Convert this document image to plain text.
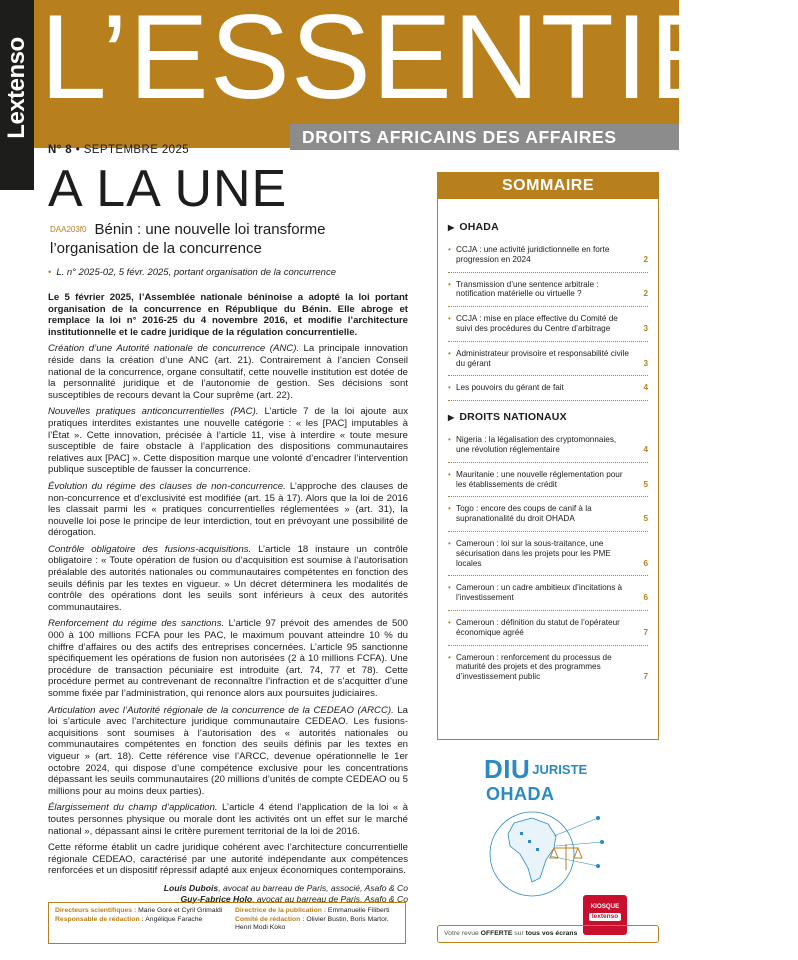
L’ESSENTIEL
DROITS AFRICAINS DES AFFAIRES
Lextenso
N° 8 • SEPTEMBRE 2025
A LA UNE
DAA203f0 Bénin : une nouvelle loi transforme l’organisation de la concurrence
• L. n° 2025-02, 5 févr. 2025, portant organisation de la concurrence
Le 5 février 2025, l’Assemblée nationale béninoise a adopté la loi portant organisation de la concurrence en République du Bénin. Elle abroge et remplace la loi n° 2016-25 du 4 novembre 2016, et modifie l’architecture institutionnelle et le cadre juridique de la régulation concurrentielle.
Création d’une Autorité nationale de concurrence (ANC). La principale innovation réside dans la création d’une ANC (art. 21). Contrairement à l’ancien Conseil national de la concurrence, organe consultatif, cette nouvelle institution est dotée de la personnalité juridique et de l’autonomie de gestion. Ses décisions sont susceptibles de recours devant la Cour suprême (art. 22).
Nouvelles pratiques anticoncurrentielles (PAC). L’article 7 de la loi ajoute aux pratiques interdites existantes une nouvelle catégorie : « les [PAC] imputables à l’État ». Cette innovation, précisée à l’article 11, vise à interdire « toute mesure susceptible de faire obstacle à l’application des dispositions communautaires relatives aux [PAC] ». Cette disposition marque une volonté d’encadrer l’intervention publique susceptible de fausser la concurrence.
Évolution du régime des clauses de non-concurrence. L’approche des clauses de non-concurrence et d’exclusivité est modifiée (art. 15 à 17). Alors que la loi de 2016 les classait parmi les « pratiques concurrentielles réglementées » (art. 31), la nouvelle loi pose le principe de leur interdiction, tout en prévoyant une possibilité de dérogation.
Contrôle obligatoire des fusions-acquisitions. L’article 18 instaure un contrôle obligatoire : « Toute opération de fusion ou d’acquisition est soumise à l’autorisation préalable des autorités nationales ou communautaires compétentes en fonction des seuils définis par les textes en vigueur. » Un décret déterminera les modalités de contrôle des opérations dont les seuils sont inférieurs à ceux des autorités communautaires.
Renforcement du régime des sanctions. L’article 97 prévoit des amendes de 500 000 à 100 millions FCFA pour les PAC, le maximum pouvant atteindre 10 % du chiffre d’affaires ou des actifs des entreprises concernées. L’article 95 sanctionne spécifiquement les opérations de fusion non autorisées (2 à 10 millions FCFA). Une procédure de transaction pécuniaire est introduite (art. 74, 77 et 78). Cette procédure permet au contrevenant de reconnaître l’infraction et de s’acquitter d’une somme fixée par l’administration, qui renonce alors aux poursuites judiciaires.
Articulation avec l’Autorité régionale de la concurrence de la CEDEAO (ARCC). La loi s’articule avec l’architecture juridique communautaire CEDEAO. Les fusions-acquisitions sont soumises à l’autorisation des « autorités nationales ou communautaires compétentes en fonction des seuils définis par les textes en vigueur » (art. 18). Cette référence vise l’ARCC, devenue opérationnelle le 1er octobre 2024, qui dispose d’une compétence exclusive pour les concentrations dépassant les seuils communautaires (20 millions d’unités de compte CEDEAO ou 5 millions pour au moins deux parties).
Élargissement du champ d’application. L’article 4 étend l’application de la loi « à toutes personnes physique ou morale dont les activités ont un effet sur le marché national », dépassant ainsi le critère purement territorial de la loi de 2016.
Cette réforme établit un cadre juridique cohérent avec l’architecture concurrentielle régionale CEDEAO, caractérisé par une autorité indépendante aux compétences renforcées et un dispositif répressif adapté aux enjeux économiques contemporains.
Louis Dubois, avocat au barreau de Paris, associé, Asafo & Co
Guy-Fabrice Holo, avocat au barreau de Paris, Asafo & Co
SOMMAIRE
▶ OHADA
• CCJA : une activité juridictionnelle en forte progression en 2024	2
• Transmission d’une sentence arbitrale : notification matérielle ou virtuelle ?	2
• CCJA : mise en place effective du Comité de suivi des procédures du Centre d’arbitrage	3
• Administrateur provisoire et responsabilité civile du gérant	3
• Les pouvoirs du gérant de fait	4
▶ DROITS NATIONAUX
• Nigeria : la légalisation des cryptomonnaies, une révolution réglementaire	4
• Mauritanie : une nouvelle réglementation pour les établissements de crédit	5
• Togo : encore des coups de canif à la supranationalité du droit OHADA	5
• Cameroun : loi sur la sous-traitance, une sécurisation dans les projets pour les PME locales	6
• Cameroun : un cadre ambitieux d’incitations à l’investissement	6
• Cameroun : définition du statut de l’opérateur économique agréé	7
• Cameroun : renforcement du processus de maturité des projets et des programmes d’investissement public	7
DIU $^{JURISTE}$
OHADA
Directeurs scientifiques : Marie Goré et Cyril Grimaldi
Responsable de rédaction : Angélique Farache
Directrice de la publication : Emmanuelle Filiberti
Comité de rédaction : Olivier Bustin, Boris Martor, Henri Modi Koko
KIOSQUE
lextenso
Votre revue OFFERTE sur tous vos écrans
